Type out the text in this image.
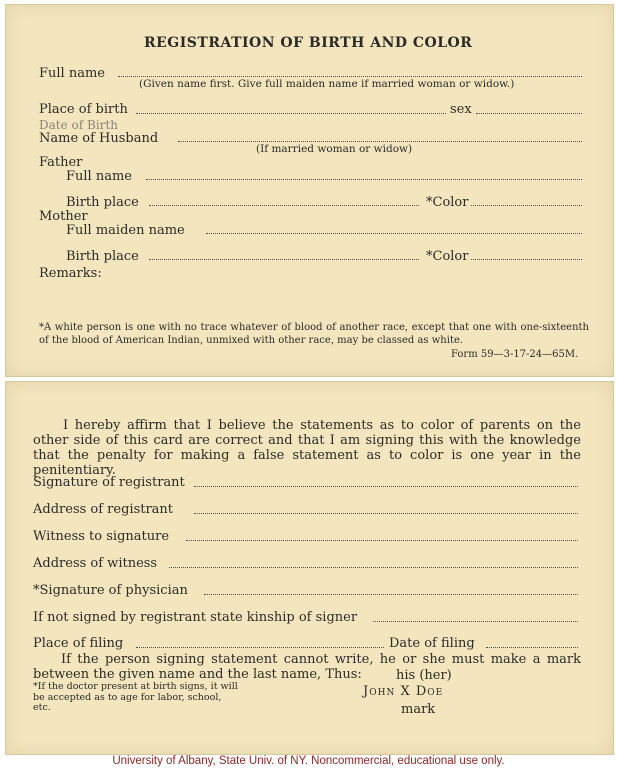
REGISTRATION OF BIRTH AND COLOR
Full name
(Given name first. Give full maiden name if married woman or widow.)
Place of birth	sex
Date of Birth
Name of Husband
(If married woman or widow)
Father
Full name
Birth place	*Color
Mother
Full maiden name
Birth place	*Color
Remarks:
*A white person is one with no trace whatever of blood of another race, except that one with one-sixteenth of the blood of American Indian, unmixed with other race, may be classed as white.
Form 59—3-17-24—65M.
I hereby affirm that I believe the statements as to color of parents on the other side of this card are correct and that I am signing this with the knowledge that the penalty for making a false statement as to color is one year in the penitentiary.
Signature of registrant
Address of registrant
Witness to signature
Address of witness
*Signature of physician
If not signed by registrant state kinship of signer
Place of filing	Date of filing
If the person signing statement cannot write, he or she must make a mark between the given name and the last name, Thus:	his (her)
*If the doctor present at birth signs, it will be accepted as to age for labor, school, etc.
John X Doe
mark
University of Albany, State Univ. of NY. Noncommercial, educational use only.
